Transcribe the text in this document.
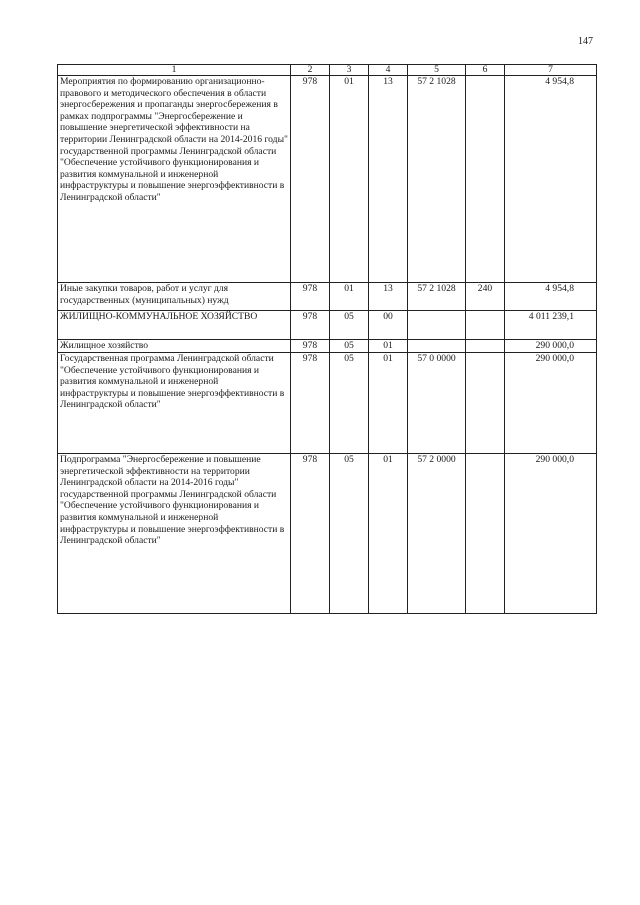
147
1	2	3	4	5	6	7
Мероприятия по формированию организационно-правового и методического обеспечения в области энергосбережения и пропаганды энергосбережения в рамках подпрограммы "Энергосбережение и повышение энергетической эффективности на территории Ленинградской области на 2014-2016 годы" государственной программы Ленинградской области "Обеспечение устойчивого функционирования и развития коммунальной и инженерной инфраструктуры и повышение энергоэффективности в Ленинградской области"	978	01	13	57 2 1028		4 954,8
Иные закупки товаров, работ и услуг для государственных (муниципальных) нужд	978	01	13	57 2 1028	240	4 954,8
ЖИЛИЩНО-КОММУНАЛЬНОЕ ХОЗЯЙСТВО	978	05	00			4 011 239,1
Жилищное хозяйство	978	05	01			290 000,0
Государственная программа Ленинградской области "Обеспечение устойчивого функционирования и развития коммунальной и инженерной инфраструктуры и повышение энергоэффективности в Ленинградской области"	978	05	01	57 0 0000		290 000,0
Подпрограмма "Энергосбережение и повышение энергетической эффективности на территории Ленинградской области на 2014-2016 годы" государственной программы Ленинградской области "Обеспечение устойчивого функционирования и развития коммунальной и инженерной инфраструктуры и повышение энергоэффективности в Ленинградской области"	978	05	01	57 2 0000		290 000,0
